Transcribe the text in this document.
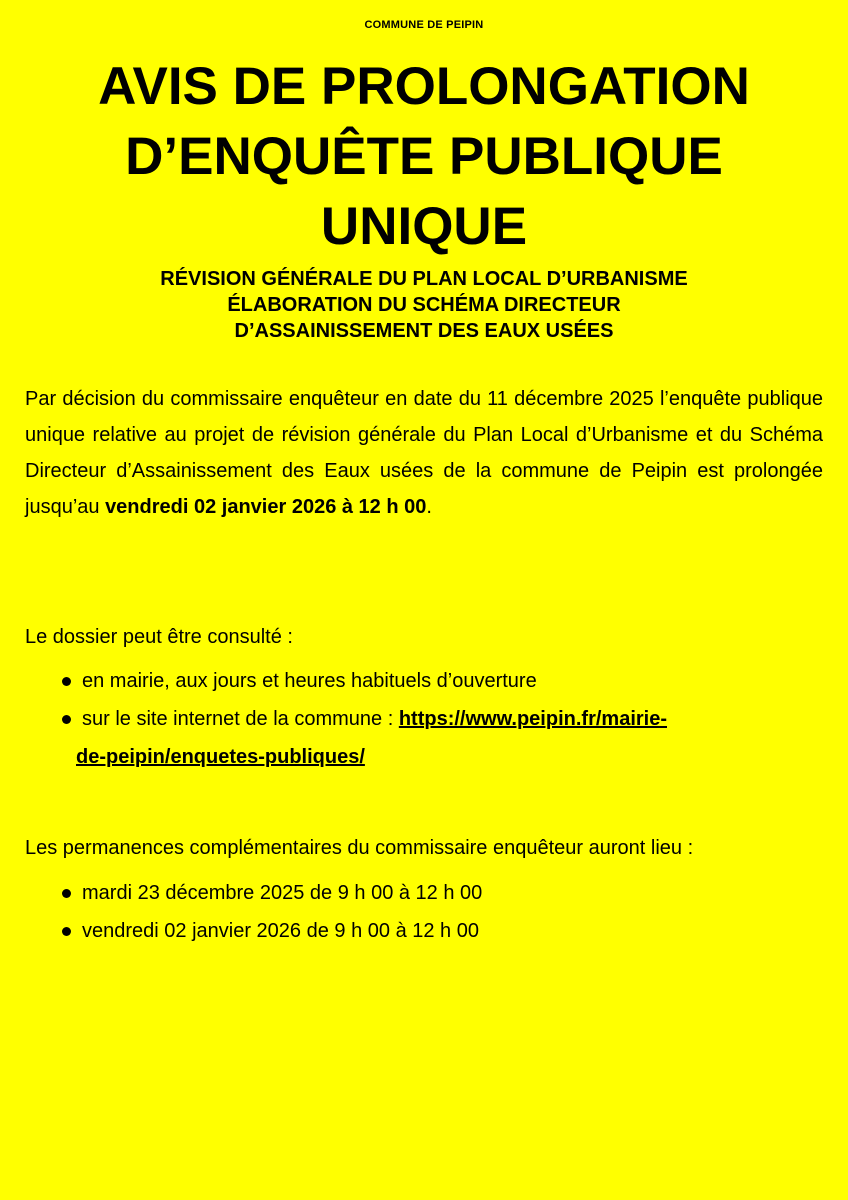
COMMUNE DE PEIPIN
AVIS DE PROLONGATION
D’ENQUÊTE PUBLIQUE
UNIQUE
RÉVISION GÉNÉRALE DU PLAN LOCAL D’URBANISME
ÉLABORATION DU SCHÉMA DIRECTEUR
D’ASSAINISSEMENT DES EAUX USÉES

Par décision du commissaire enquêteur en date du 11 décembre 2025 l’enquête publique unique relative au projet de révision générale du Plan Local d’Urbanisme et du Schéma Directeur d’Assainissement des Eaux usées de la commune de Peipin est prolongée jusqu’au vendredi 02 janvier 2026 à 12 h 00.

Le dossier peut être consulté :

en mairie, aux jours et heures habituels d’ouverture
sur le site internet de la commune : https://www.peipin.fr/mairie-
de-peipin/enquetes-publiques/

Les permanences complémentaires du commissaire enquêteur auront lieu :

mardi 23 décembre 2025 de 9 h 00 à 12 h 00
vendredi 02 janvier 2026 de 9 h 00 à 12 h 00
